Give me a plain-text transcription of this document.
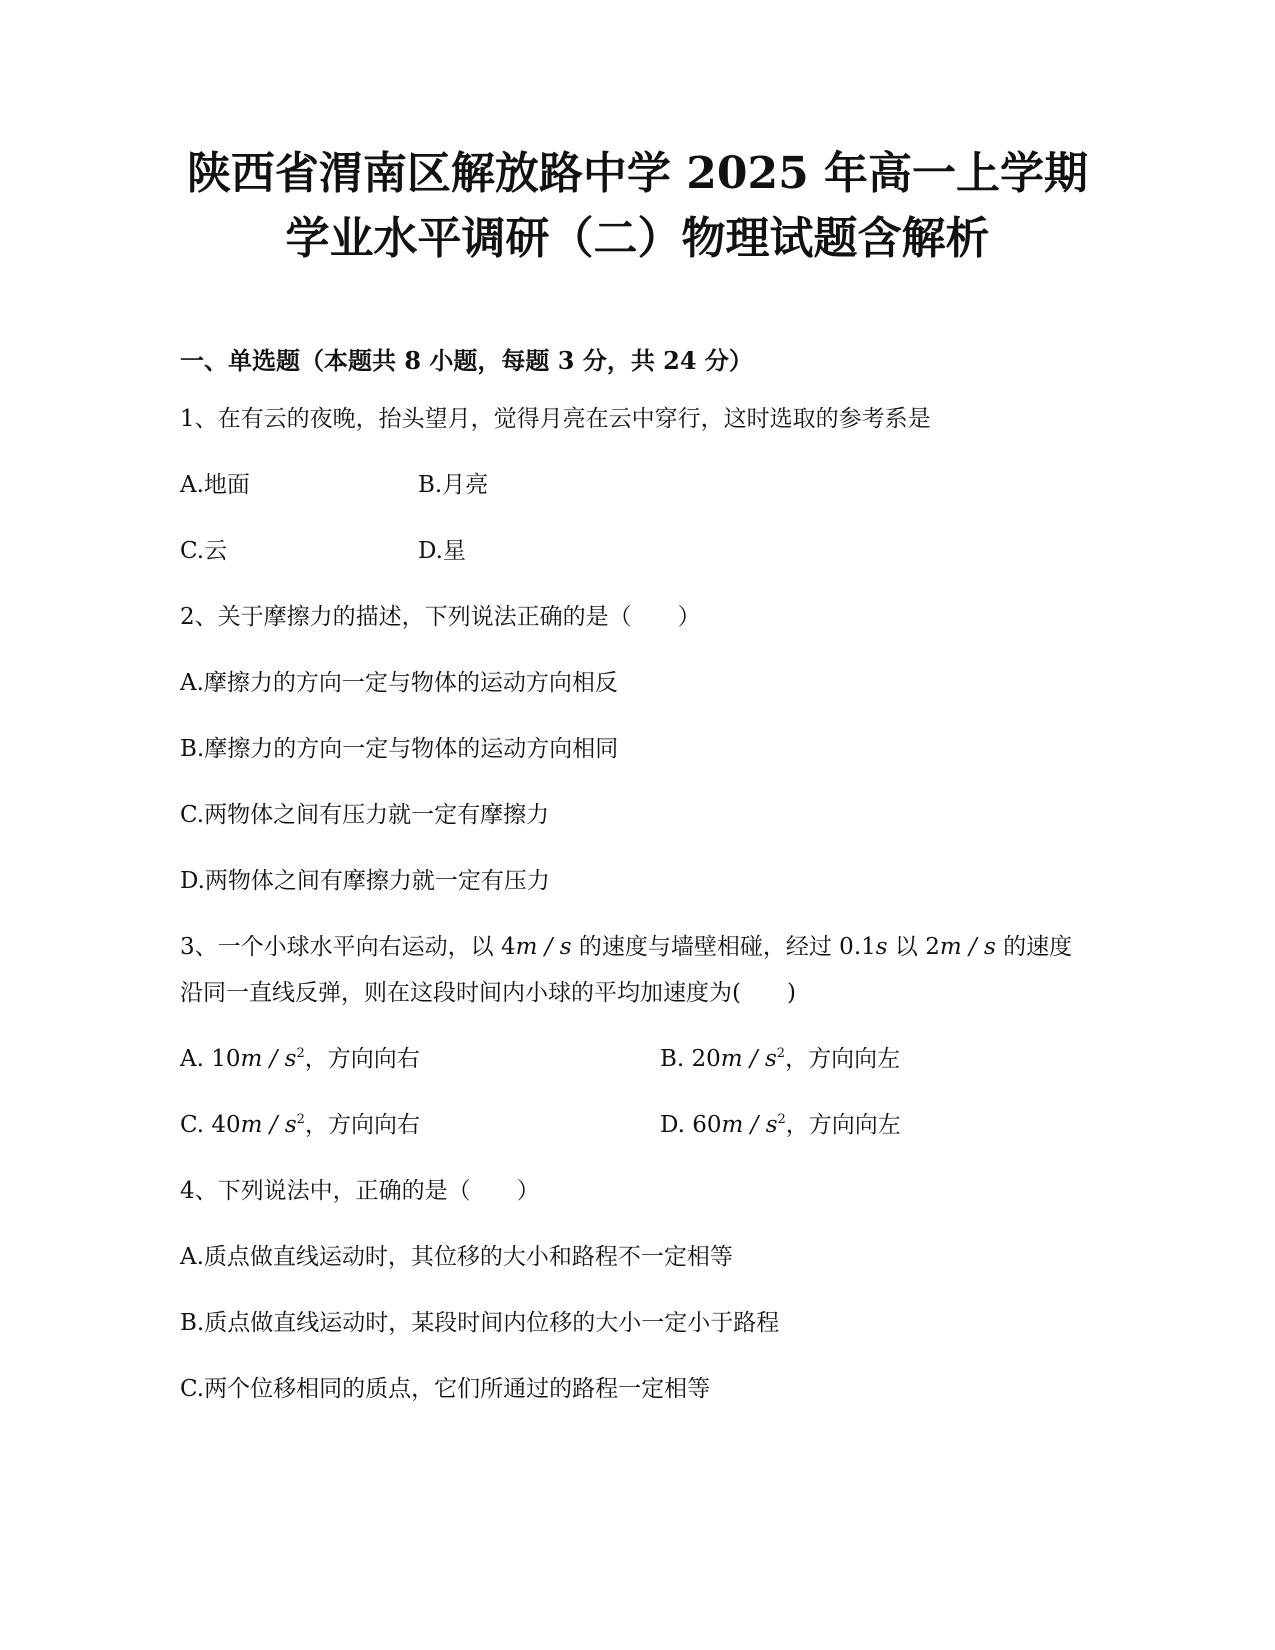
陕西省渭南区解放路中学 2025 年高一上学期
学业水平调研（二）物理试题含解析
一、单选题（本题共 8 小题，每题 3 分，共 24 分）
1、在有云的夜晚，抬头望月，觉得月亮在云中穿行，这时选取的参考系是
A.地面	B.月亮
C.云	D.星
2、关于摩擦力的描述，下列说法正确的是（　　）
A.摩擦力的方向一定与物体的运动方向相反
B.摩擦力的方向一定与物体的运动方向相同
C.两物体之间有压力就一定有摩擦力
D.两物体之间有摩擦力就一定有压力
3、一个小球水平向右运动，以 4m / s 的速度与墙壁相碰，经过 0.1s 以 2m / s 的速度
沿同一直线反弹，则在这段时间内小球的平均加速度为(　　)
A. $10m / s^2$，方向向右	B. $20m / s^2$，方向向左
C. $40m / s^2$，方向向右	D. $60m / s^2$，方向向左
4、下列说法中，正确的是（　　）
A.质点做直线运动时，其位移的大小和路程不一定相等
B.质点做直线运动时，某段时间内位移的大小一定小于路程
C.两个位移相同的质点，它们所通过的路程一定相等
